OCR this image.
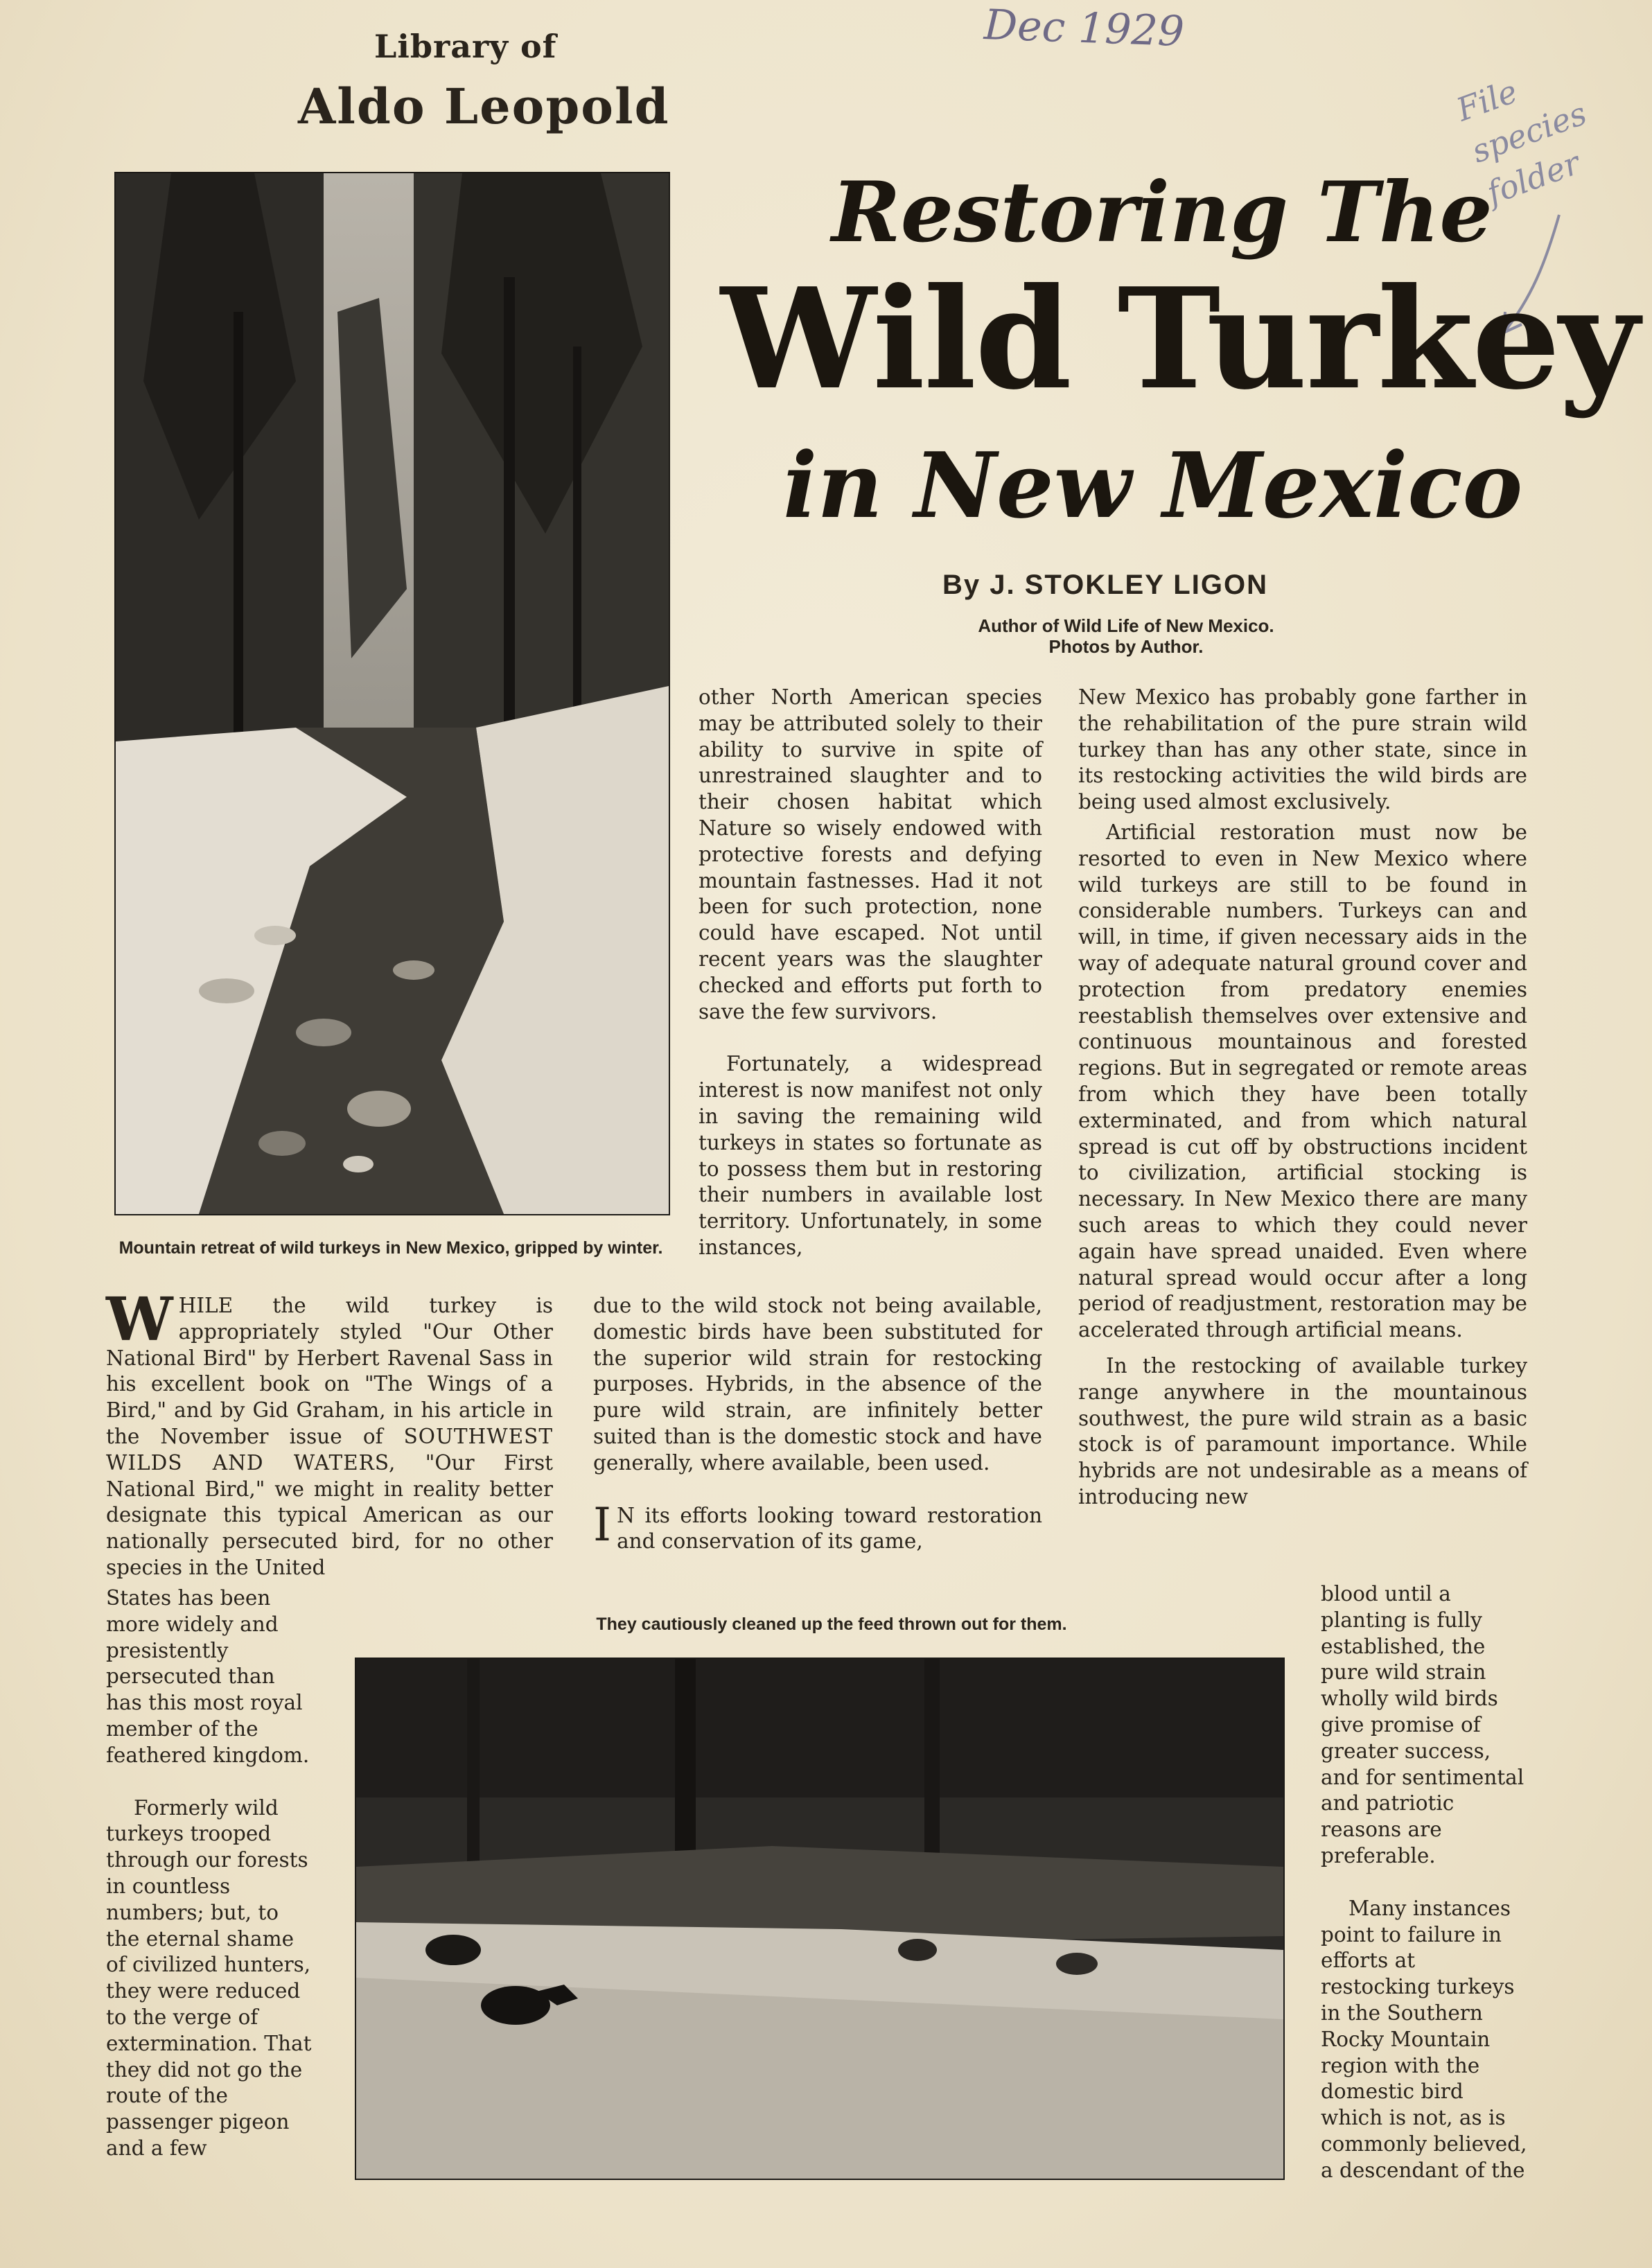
Library of
Aldo Leopold
Dec 1929
File species folder
Restoring The
Wild Turkey
in New Mexico
By J. STOKLEY LIGON
Author of Wild Life of New Mexico.
Photos by Author.
Mountain retreat of wild turkeys in New Mexico, gripped by winter.

other North American species may be attributed solely to their ability to survive in spite of unrestrained slaughter and to their chosen habitat which Nature so wisely endowed with protective forests and defying mountain fastnesses. Had it not been for such protection, none could have escaped. Not until recent years was the slaughter checked and efforts put forth to save the few survivors.

Fortunately, a widespread interest is now manifest not only in saving the remaining wild turkeys in states so fortunate as to possess them but in restoring their numbers in available lost territory. Unfortunately, in some instances,

New Mexico has probably gone farther in the rehabilitation of the pure strain wild turkey than has any other state, since in its restocking activities the wild birds are being used almost exclusively.

Artificial restoration must now be resorted to even in New Mexico where wild turkeys are still to be found in considerable numbers. Turkeys can and will, in time, if given necessary aids in the way of adequate natural ground cover and protection from predatory enemies reestablish themselves over extensive and continuous mountainous and forested regions. But in segregated or remote areas from which they have been totally exterminated, and from which natural spread is cut off by obstructions incident to civilization, artificial stocking is necessary. In New Mexico there are many such areas to which they could never again have spread unaided. Even where natural spread would occur after a long period of readjustment, restoration may be accelerated through artificial means.

In the restocking of available turkey range anywhere in the mountainous southwest, the pure wild strain as a basic stock is of paramount importance. While hybrids are not undesirable as a means of introducing new

WHILE the wild turkey is appropriately styled "Our Other National Bird" by Herbert Ravenal Sass in his excellent book on "The Wings of a Bird," and by Gid Graham, in his article in the November issue of SOUTHWEST WILDS AND WATERS, "Our First National Bird," we might in reality better designate this typical American as our nationally persecuted bird, for no other species in the United

States has been more widely and presistently persecuted than has this most royal member of the feathered kingdom.

Formerly wild turkeys trooped through our forests in countless numbers; but, to the eternal shame of civilized hunters, they were reduced to the verge of extermination. That they did not go the route of the passenger pigeon and a few

due to the wild stock not being available, domestic birds have been substituted for the superior wild strain for restocking purposes. Hybrids, in the absence of the pure wild strain, are infinitely better suited than is the domestic stock and have generally, where available, been used.

I N its efforts looking toward restoration and conservation of its game,

blood until a planting is fully established, the pure wild strain wholly wild birds give promise of greater success, and for sentimental and patriotic reasons are preferable.

Many instances point to failure in efforts at restocking turkeys in the Southern Rocky Mountain region with the domestic bird which is not, as is commonly believed, a descendant of the

They cautiously cleaned up the feed thrown out for them.
